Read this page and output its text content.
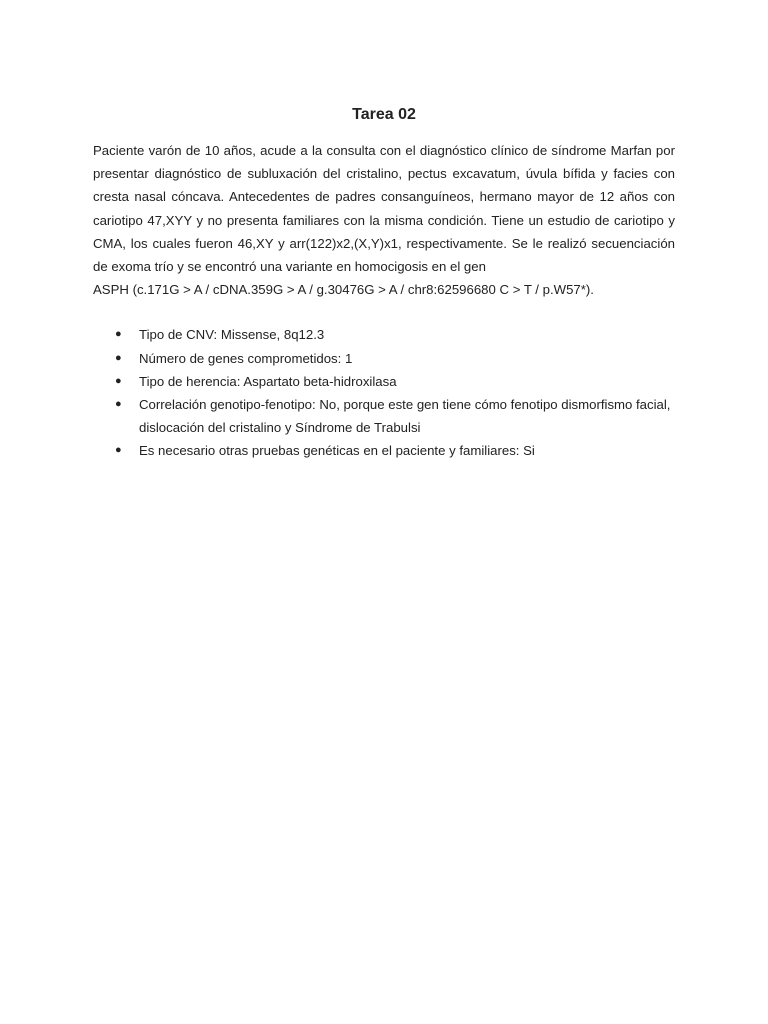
Tarea 02

Paciente varón de 10 años, acude a la consulta con el diagnóstico clínico de síndrome Marfan por presentar diagnóstico de subluxación del cristalino, pectus excavatum, úvula bífida y facies con cresta nasal cóncava. Antecedentes de padres consanguíneos, hermano mayor de 12 años con cariotipo 47,XYY y no presenta familiares con la misma condición. Tiene un estudio de cariotipo y CMA, los cuales fueron 46,XY y arr(122)x2,(X,Y)x1, respectivamente. Se le realizó secuenciación de exoma trío y se encontró una variante en homocigosis en el gen

ASPH (c.171G > A / cDNA.359G > A / g.30476G > A / chr8:62596680 C > T / p.W57*).

● Tipo de CNV: Missense, 8q12.3
● Número de genes comprometidos: 1
● Tipo de herencia: Aspartato beta-hidroxilasa
● Correlación genotipo-fenotipo: No, porque este gen tiene cómo fenotipo dismorfismo facial, dislocación del cristalino y Síndrome de Trabulsi
● Es necesario otras pruebas genéticas en el paciente y familiares: Si
